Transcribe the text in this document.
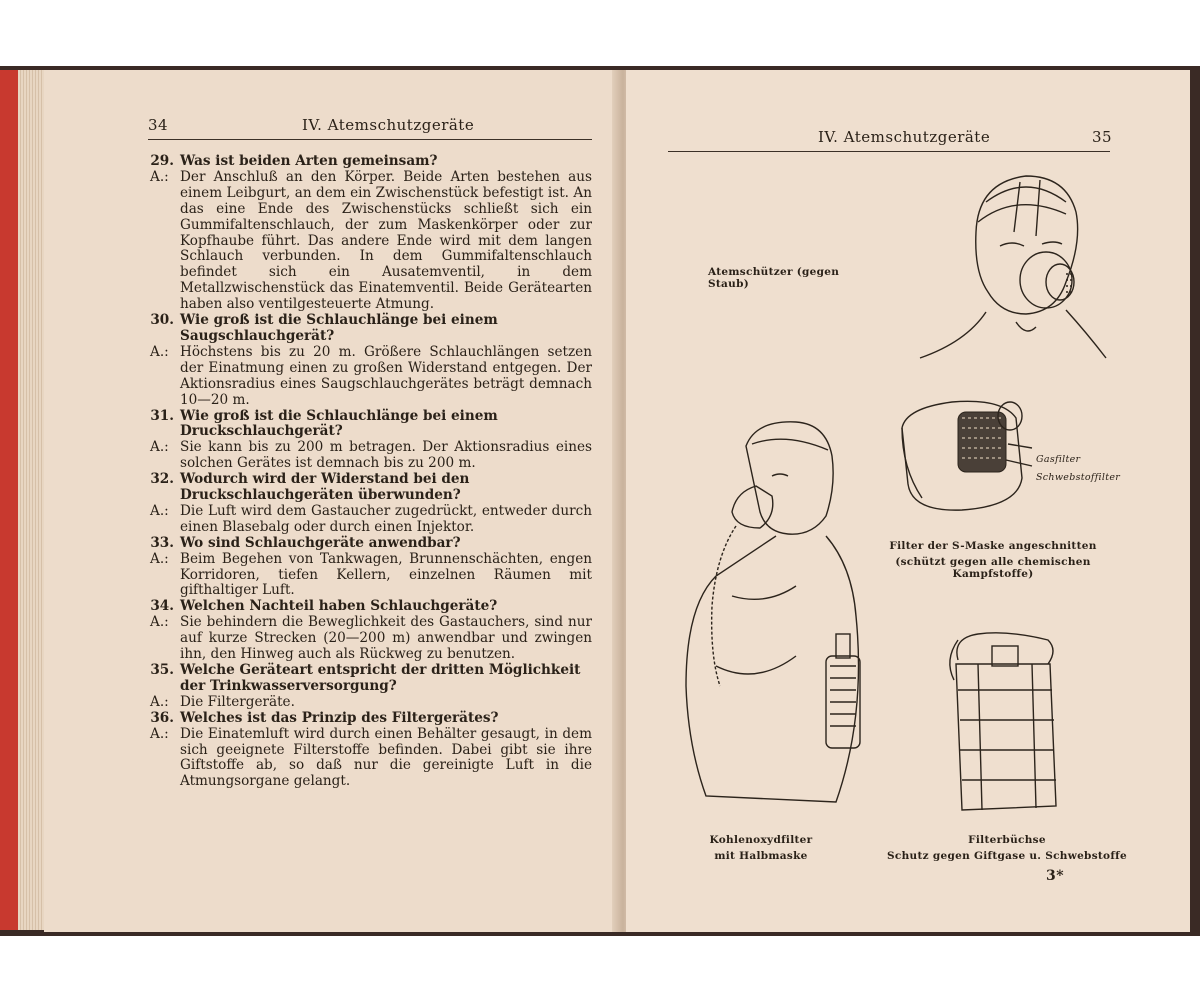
34	IV. Atemschutzgeräte
29. Was ist beiden Arten gemeinsam?
A.: Der Anschluß an den Körper. Beide Arten bestehen aus einem Leibgurt, an dem ein Zwischenstück befestigt ist. An das eine Ende des Zwischenstücks schließt sich ein Gummifaltenschlauch, der zum Maskenkörper oder zur Kopfhaube führt. Das andere Ende wird mit dem langen Schlauch verbunden. In dem Gummifaltenschlauch befindet sich ein Ausatemventil, in dem Metallzwischenstück das Einatemventil. Beide Gerätearten haben also ventilgesteuerte Atmung.
30. Wie groß ist die Schlauchlänge bei einem Saugschlauchgerät?
A.: Höchstens bis zu 20 m. Größere Schlauchlängen setzen der Einatmung einen zu großen Widerstand entgegen. Der Aktionsradius eines Saugschlauchgerätes beträgt demnach 10—20 m.
31. Wie groß ist die Schlauchlänge bei einem Druckschlauchgerät?
A.: Sie kann bis zu 200 m betragen. Der Aktionsradius eines solchen Gerätes ist demnach bis zu 200 m.
32. Wodurch wird der Widerstand bei den Druckschlauchgeräten überwunden?
A.: Die Luft wird dem Gastaucher zugedrückt, entweder durch einen Blasebalg oder durch einen Injektor.
33. Wo sind Schlauchgeräte anwendbar?
A.: Beim Begehen von Tankwagen, Brunnenschächten, engen Korridoren, tiefen Kellern, einzelnen Räumen mit gifthaltiger Luft.
34. Welchen Nachteil haben Schlauchgeräte?
A.: Sie behindern die Beweglichkeit des Gastauchers, sind nur auf kurze Strecken (20—200 m) anwendbar und zwingen ihn, den Hinweg auch als Rückweg zu benutzen.
35. Welche Geräteart entspricht der dritten Möglichkeit der Trinkwasserversorgung?
A.: Die Filtergeräte.
36. Welches ist das Prinzip des Filtergerätes?
A.: Die Einatemluft wird durch einen Behälter gesaugt, in dem sich geeignete Filterstoffe befinden. Dabei gibt sie ihre Giftstoffe ab, so daß nur die gereinigte Luft in die Atmungsorgane gelangt.
IV. Atemschutzgeräte	35
Atemschützer (gegen Staub)
Gasfilter
Schwebstoffilter
Filter der S-Maske angeschnitten
(schützt gegen alle chemischen Kampfstoffe)
Kohlenoxydfilter
mit Halbmaske
Filterbüchse
Schutz gegen Giftgase u. Schwebstoffe
3*
